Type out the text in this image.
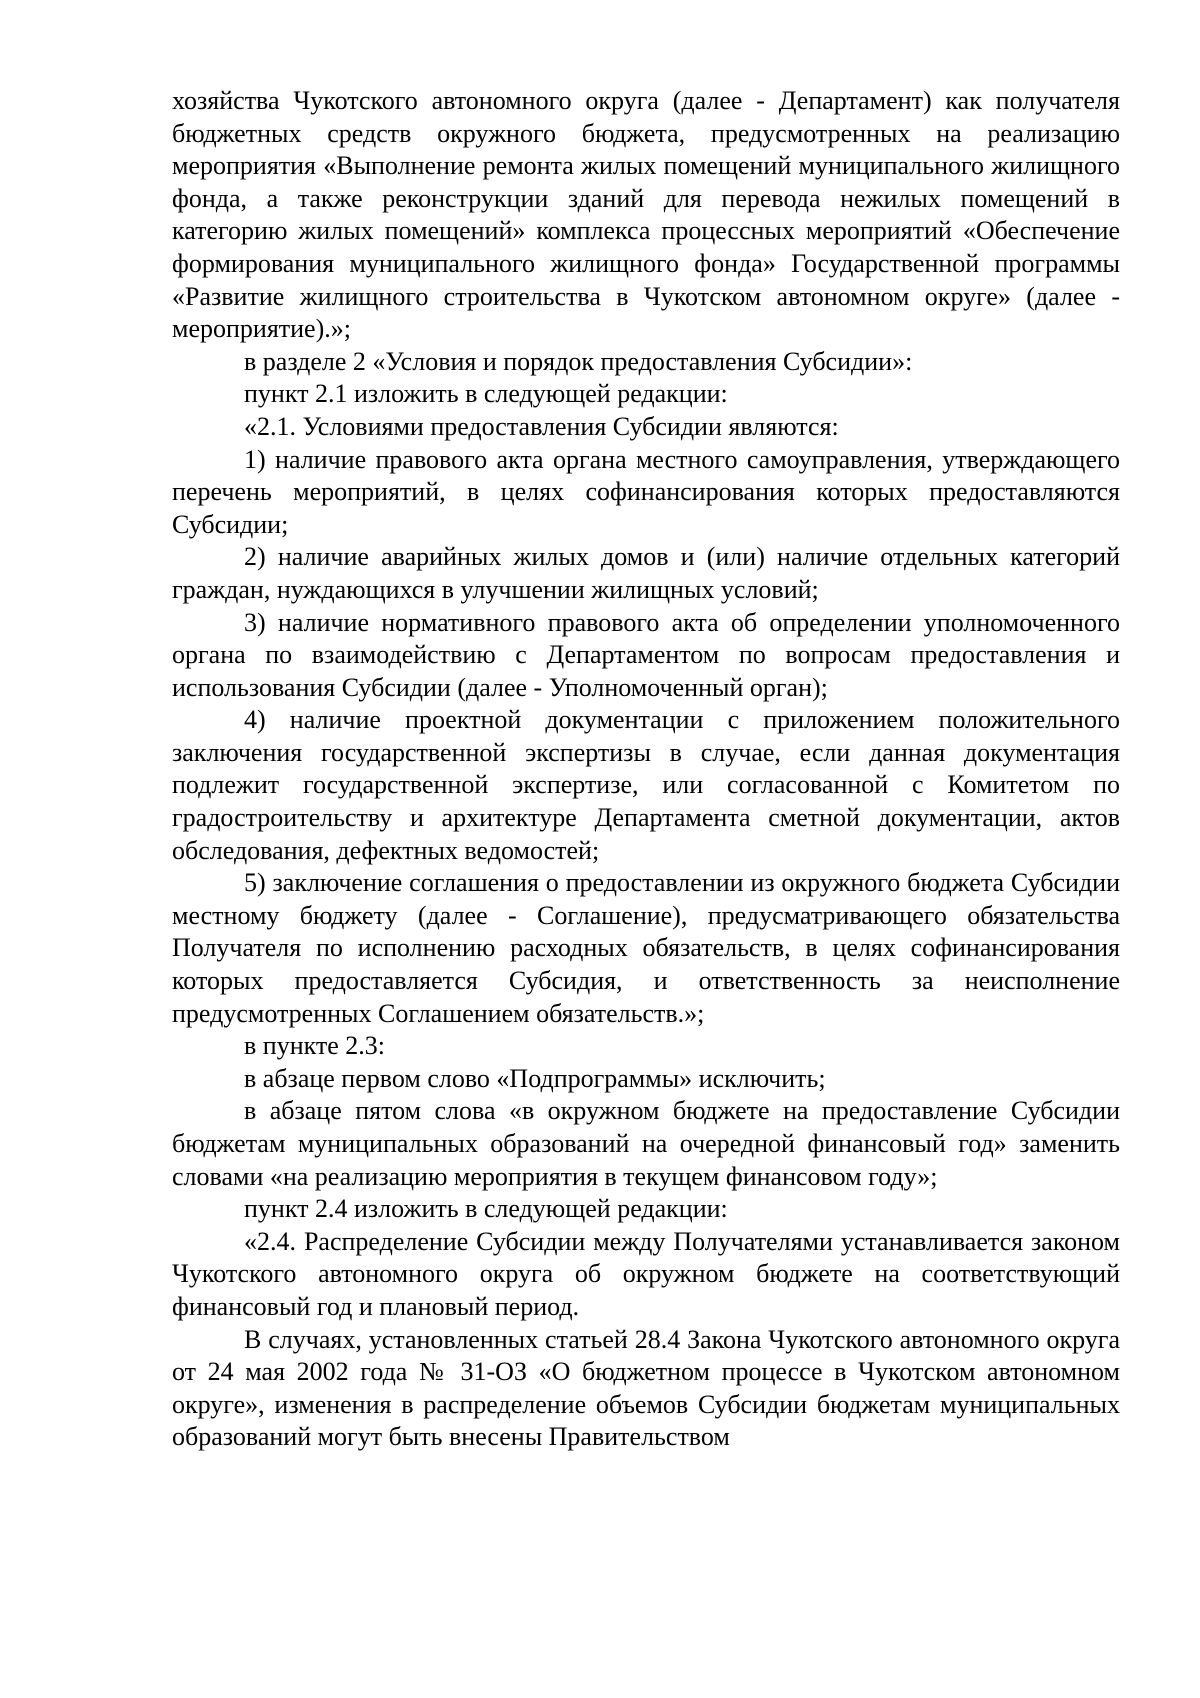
хозяйства Чукотского автономного округа (далее - Департамент) как получателя бюджетных средств окружного бюджета, предусмотренных на реализацию мероприятия «Выполнение ремонта жилых помещений муниципального жилищного фонда, а также реконструкции зданий для перевода нежилых помещений в категорию жилых помещений» комплекса процессных мероприятий «Обеспечение формирования муниципального жилищного фонда» Государственной программы «Развитие жилищного строительства в Чукотском автономном округе» (далее - мероприятие).»;

в разделе 2 «Условия и порядок предоставления Субсидии»:

пункт 2.1 изложить в следующей редакции:

«2.1. Условиями предоставления Субсидии являются:

1) наличие правового акта органа местного самоуправления, утверждающего перечень мероприятий, в целях софинансирования которых предоставляются Субсидии;

2) наличие аварийных жилых домов и (или) наличие отдельных категорий граждан, нуждающихся в улучшении жилищных условий;

3) наличие нормативного правового акта об определении уполномоченного органа по взаимодействию с Департаментом по вопросам предоставления и использования Субсидии (далее - Уполномоченный орган);

4) наличие проектной документации с приложением положительного заключения государственной экспертизы в случае, если данная документация подлежит государственной экспертизе, или согласованной с Комитетом по градостроительству и архитектуре Департамента сметной документации, актов обследования, дефектных ведомостей;

5) заключение соглашения о предоставлении из окружного бюджета Субсидии местному бюджету (далее - Соглашение), предусматривающего обязательства Получателя по исполнению расходных обязательств, в целях софинансирования которых предоставляется Субсидия, и ответственность за неисполнение предусмотренных Соглашением обязательств.»;

в пункте 2.3:

в абзаце первом слово «Подпрограммы» исключить;

в абзаце пятом слова «в окружном бюджете на предоставление Субсидии бюджетам муниципальных образований на очередной финансовый год» заменить словами «на реализацию мероприятия в текущем финансовом году»;

пункт 2.4 изложить в следующей редакции:

«2.4. Распределение Субсидии между Получателями устанавливается законом Чукотского автономного округа об окружном бюджете на соответствующий финансовый год и плановый период.

В случаях, установленных статьей 28.4 Закона Чукотского автономного округа от 24 мая 2002 года № 31-ОЗ «О бюджетном процессе в Чукотском автономном округе», изменения в распределение объемов Субсидии бюджетам муниципальных образований могут быть внесены Правительством
